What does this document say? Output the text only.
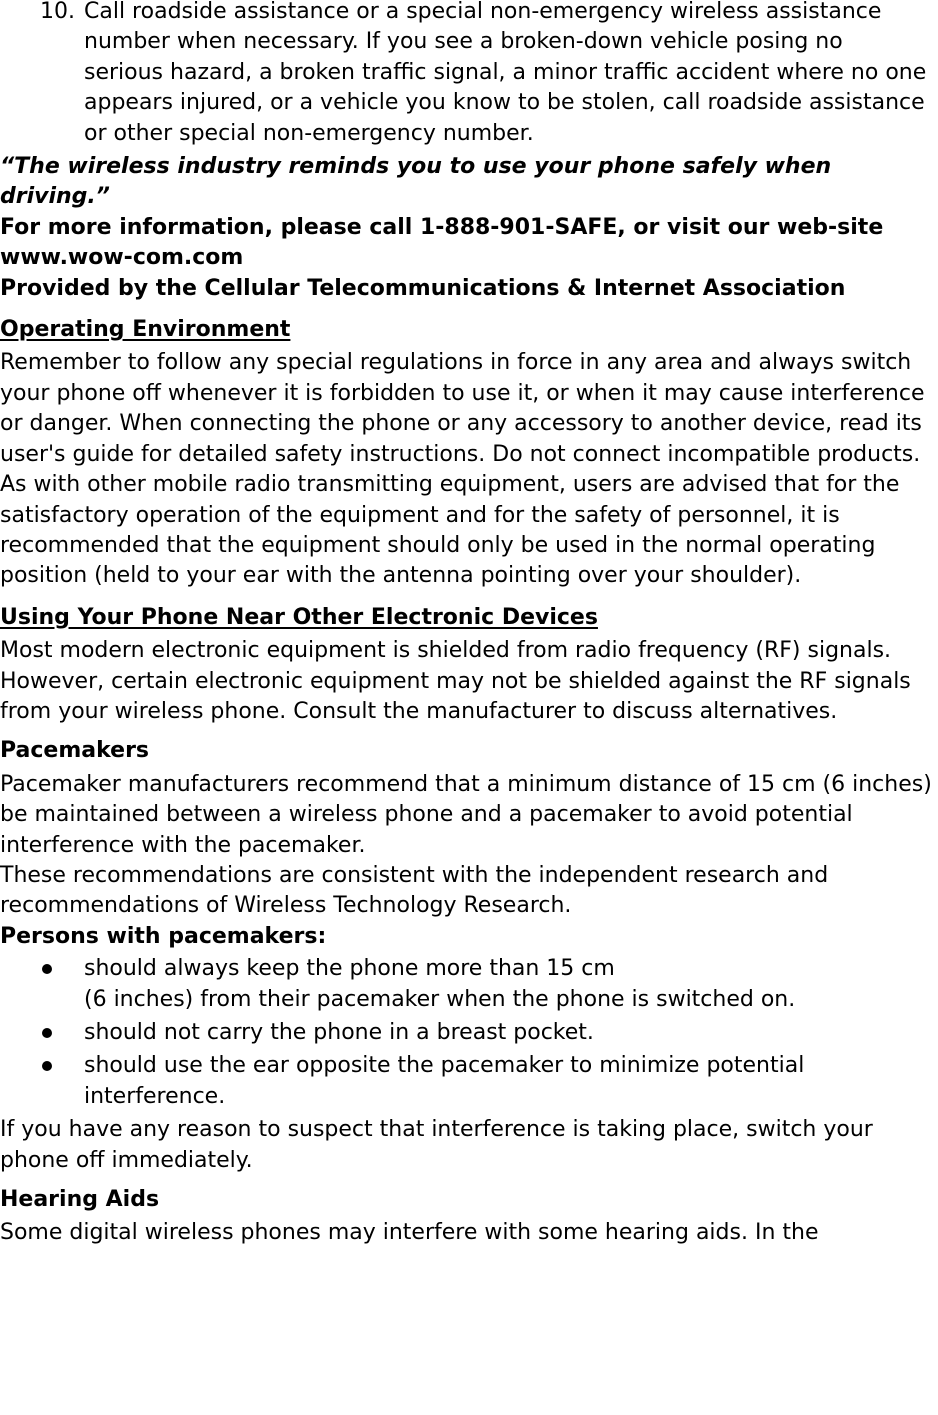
10. Call roadside assistance or a special non-emergency wireless assistance number when necessary. If you see a broken-down vehicle posing no serious hazard, a broken traffic signal, a minor traffic accident where no one appears injured, or a vehicle you know to be stolen, call roadside assistance or other special non-emergency number.

“The wireless industry reminds you to use your phone safely when driving.”

For more information, please call 1-888-901-SAFE, or visit our web-site www.wow-com.com

Provided by the Cellular Telecommunications & Internet Association

Operating Environment

Remember to follow any special regulations in force in any area and always switch your phone off whenever it is forbidden to use it, or when it may cause interference or danger. When connecting the phone or any accessory to another device, read its user's guide for detailed safety instructions. Do not connect incompatible products.

As with other mobile radio transmitting equipment, users are advised that for the satisfactory operation of the equipment and for the safety of personnel, it is recommended that the equipment should only be used in the normal operating position (held to your ear with the antenna pointing over your shoulder).

Using Your Phone Near Other Electronic Devices

Most modern electronic equipment is shielded from radio frequency (RF) signals. However, certain electronic equipment may not be shielded against the RF signals from your wireless phone. Consult the manufacturer to discuss alternatives.

Pacemakers

Pacemaker manufacturers recommend that a minimum distance of 15 cm (6 inches) be maintained between a wireless phone and a pacemaker to avoid potential interference with the pacemaker.

These recommendations are consistent with the independent research and recommendations of Wireless Technology Research.

Persons with pacemakers:
should always keep the phone more than 15 cm
(6 inches) from their pacemaker when the phone is switched on.
should not carry the phone in a breast pocket.
should use the ear opposite the pacemaker to minimize potential interference.

If you have any reason to suspect that interference is taking place, switch your phone off immediately.

Hearing Aids

Some digital wireless phones may interfere with some hearing aids. In the
